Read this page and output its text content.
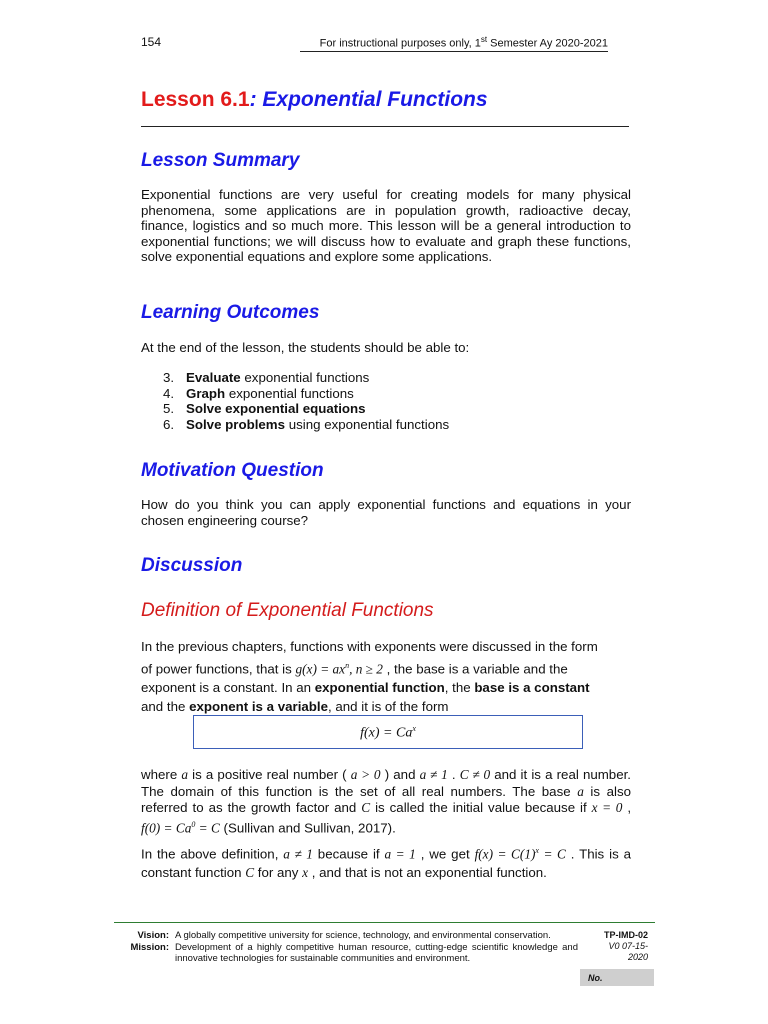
154	For instructional purposes only, 1st Semester Ay 2020-2021
Lesson 6.1: Exponential Functions
Lesson Summary
Exponential functions are very useful for creating models for many physical phenomena, some applications are in population growth, radioactive decay, finance, logistics and so much more. This lesson will be a general introduction to exponential functions; we will discuss how to evaluate and graph these functions, solve exponential equations and explore some applications.
Learning Outcomes
At the end of the lesson, the students should be able to:
3. Evaluate exponential functions
4. Graph exponential functions
5. Solve exponential equations
6. Solve problems using exponential functions
Motivation Question
How do you think you can apply exponential functions and equations in your chosen engineering course?
Discussion
Definition of Exponential Functions
In the previous chapters, functions with exponents were discussed in the form
of power functions, that is $g(x) = ax^n$, n ≥ 2 , the base is a variable and the
exponent is a constant. In an exponential function, the base is a constant
and the exponent is a variable, and it is of the form
$f(x) = Ca^x$
where a is a positive real number ( a > 0 ) and a ≠ 1 . C ≠ 0 and it is a real number. The domain of this function is the set of all real numbers. The base a is also referred to as the growth factor and C is called the initial value because if x = 0 , $f(0) = Ca^0 = C$ (Sullivan and Sullivan, 2017).
In the above definition, a ≠ 1 because if a = 1 , we get $f(x) = C(1)^x = C$ . This is a constant function C for any x , and that is not an exponential function.
Vision: A globally competitive university for science, technology, and environmental conservation.
Mission: Development of a highly competitive human resource, cutting-edge scientific knowledge and innovative technologies for sustainable communities and environment.
TP-IMD-02
V0 07-15-
2020
No.
